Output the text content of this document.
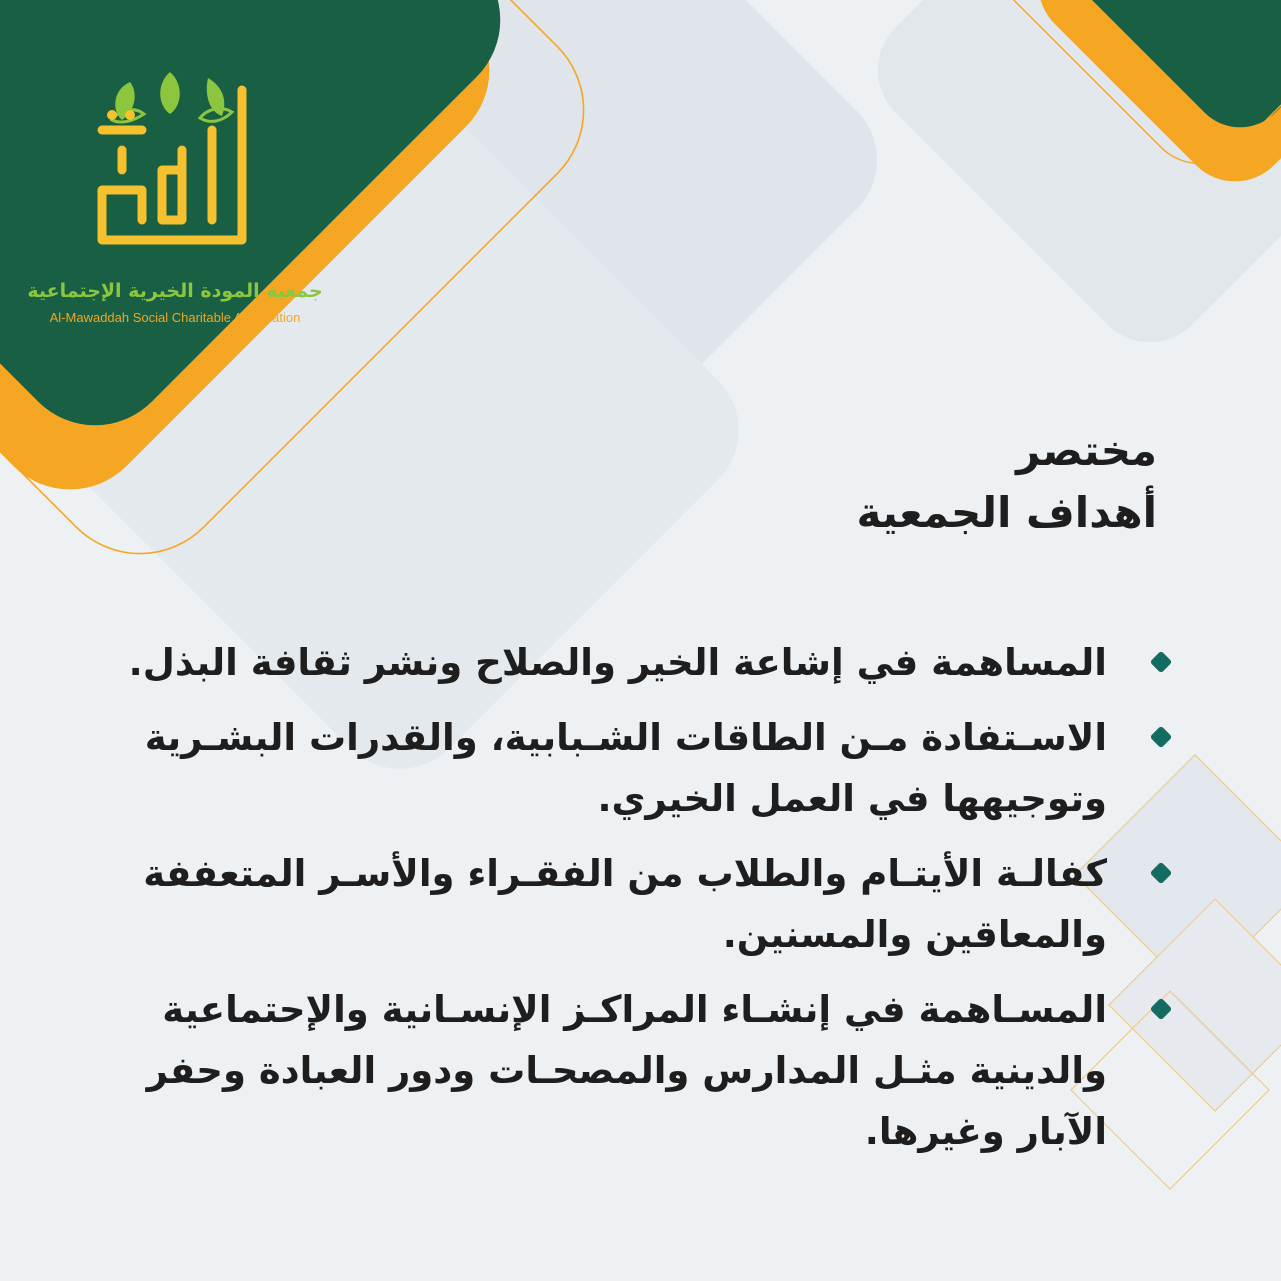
جمعية المودة الخيرية الإجتماعية
Al-Mawaddah Social Charitable Association
مختصر
أهداف الجمعية
المساهمة في إشاعة الخير والصلاح ونشر ثقافة البذل.
الاسـتفادة مـن الطاقات الشـبابية، والقدرات البشـرية وتوجيهها في العمل الخيري.
كفالـة الأيتـام والطلاب من الفقـراء والأسـر المتعففة والمعاقين والمسنين.
المسـاهمة في إنشـاء المراكـز الإنسـانية والإحتماعية والدينية مثـل المدارس والمصحـات ودور العبادة وحفر الآبار وغيرها.
